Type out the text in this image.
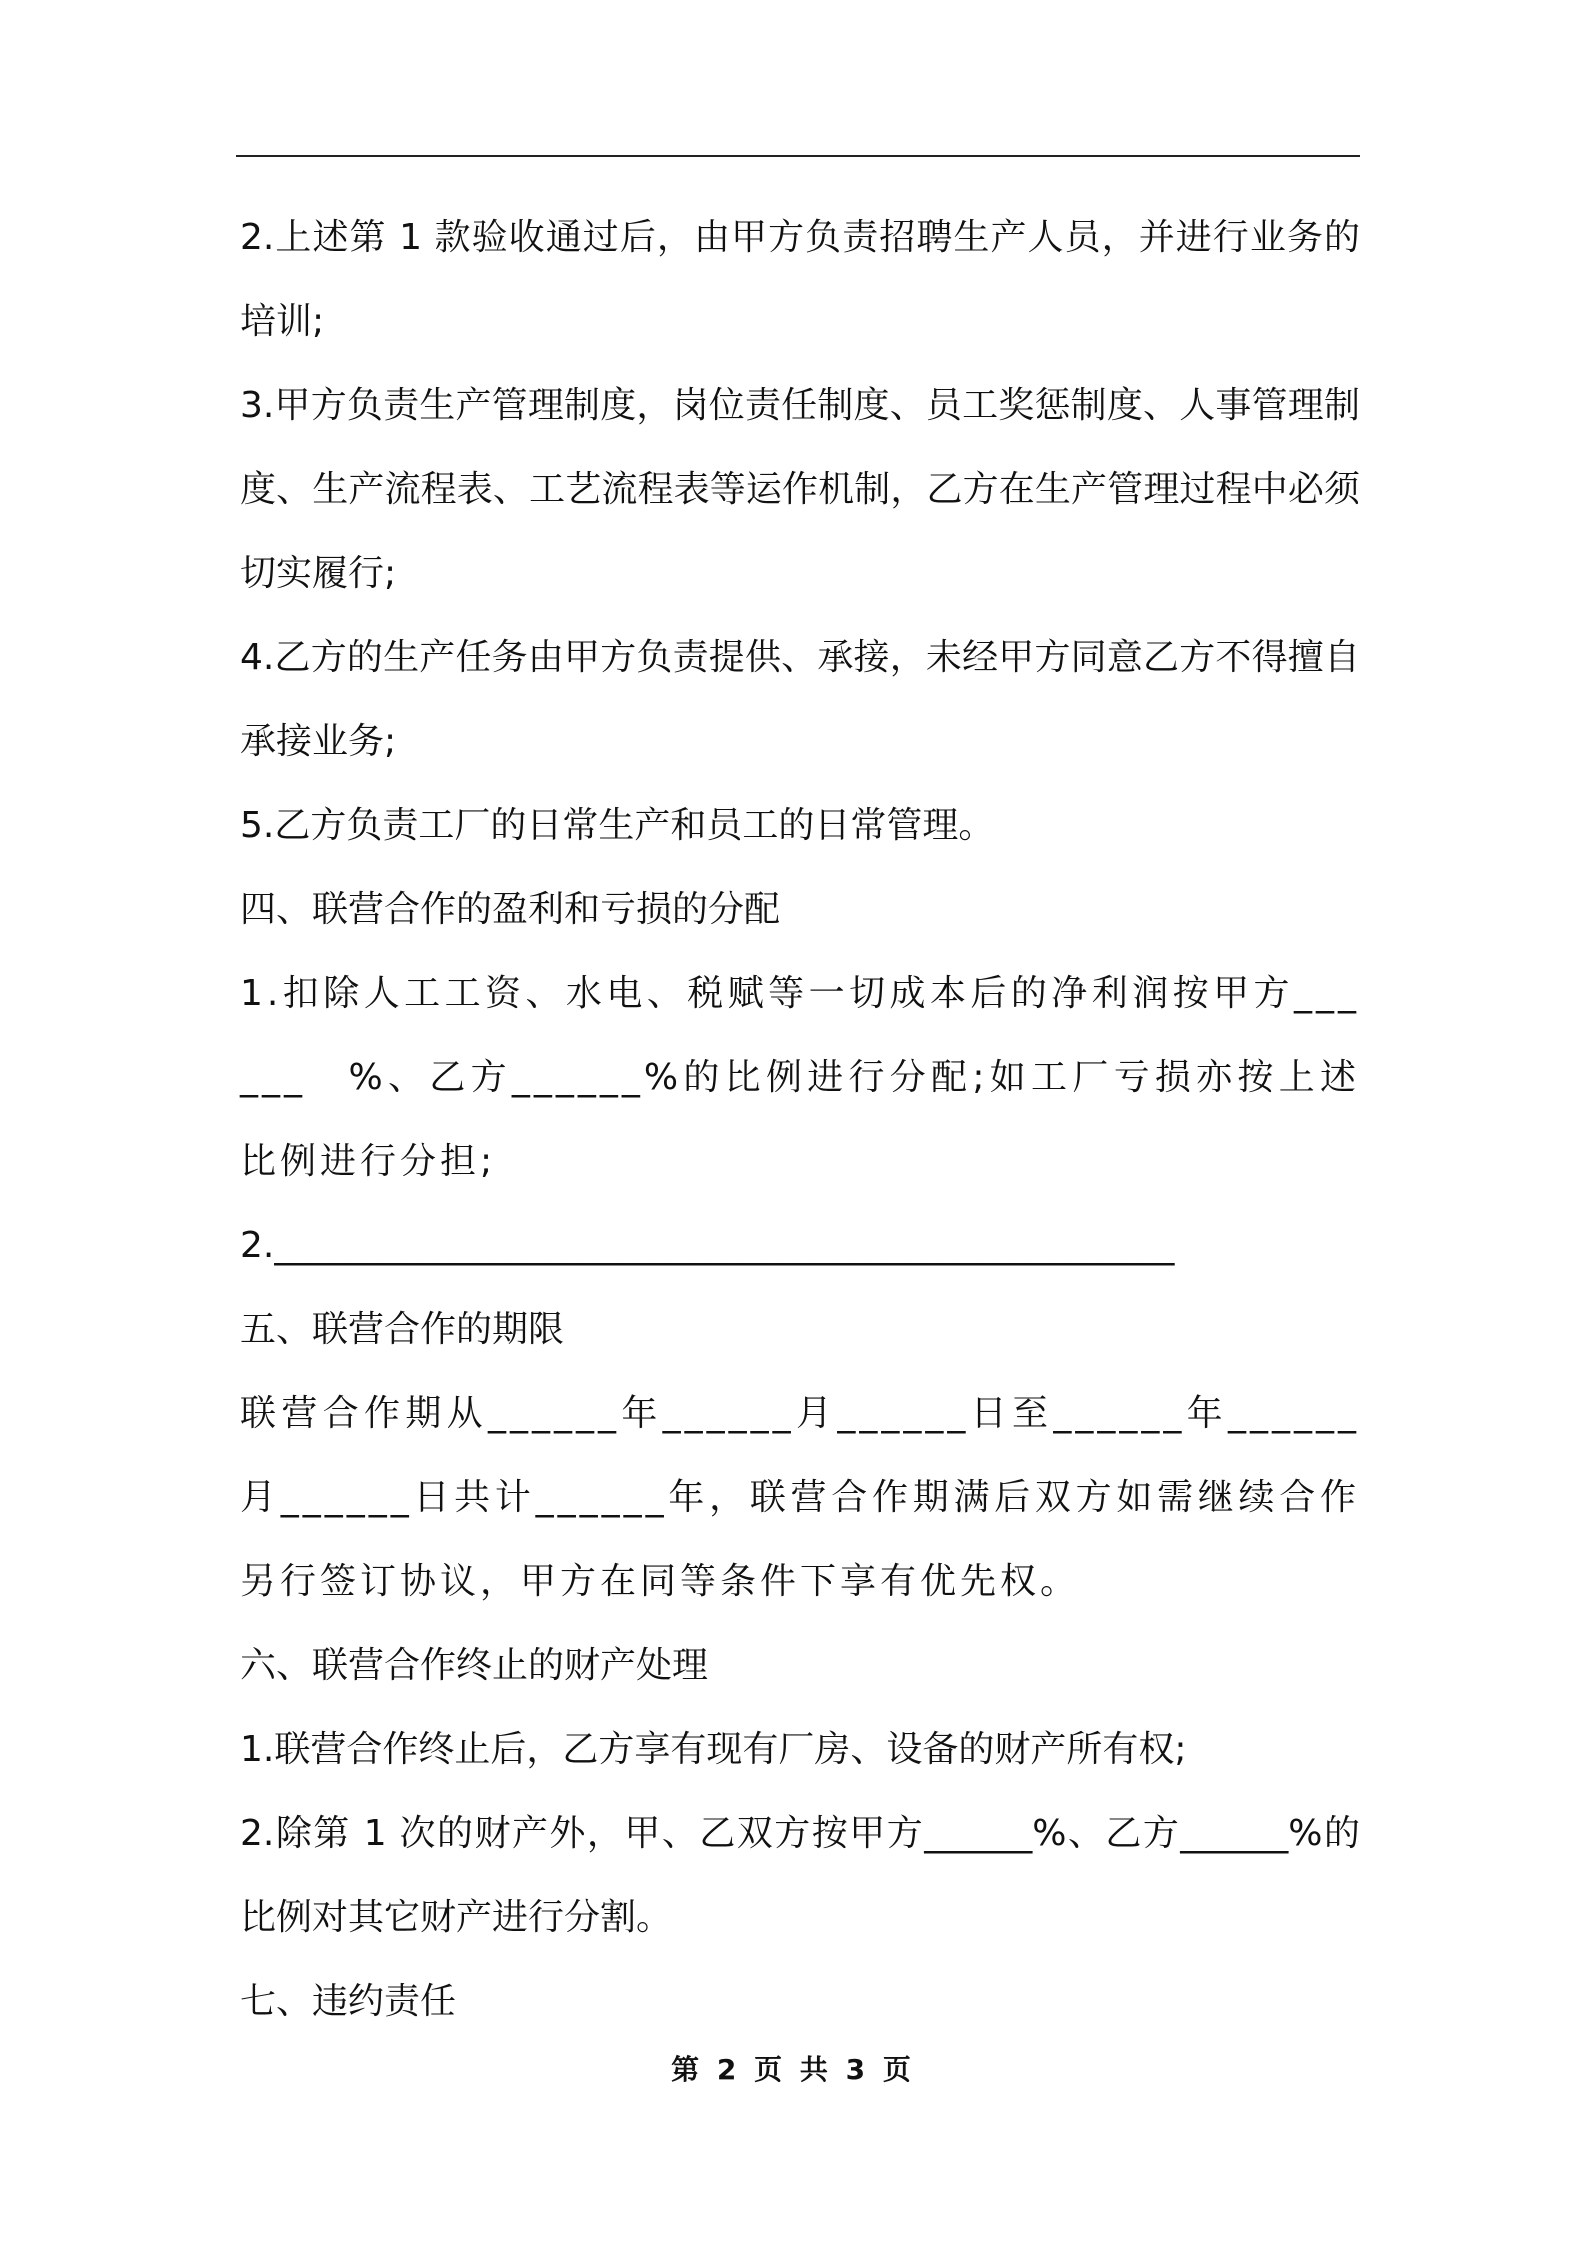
2.上述第 1 款验收通过后，由甲方负责招聘生产人员，并进行业务的培训;

3.甲方负责生产管理制度，岗位责任制度、员工奖惩制度、人事管理制度、生产流程表、工艺流程表等运作机制，乙方在生产管理过程中必须切实履行;

4.乙方的生产任务由甲方负责提供、承接，未经甲方同意乙方不得擅自承接业务;

5.乙方负责工厂的日常生产和员工的日常管理。

四、联营合作的盈利和亏损的分配

1.扣除人工工资、水电、税赋等一切成本后的净利润按甲方______　%、乙方______%的比例进行分配;如工厂亏损亦按上述比例进行分担;

2.__________________________________________________

五、联营合作的期限

联营合作期从______年______月______日至______年______月______日共计______年，联营合作期满后双方如需继续合作另行签订协议，甲方在同等条件下享有优先权。

六、联营合作终止的财产处理

1.联营合作终止后，乙方享有现有厂房、设备的财产所有权;

2.除第 1 次的财产外，甲、乙双方按甲方______%、乙方______%的比例对其它财产进行分割。

七、违约责任

第 2 页 共 3 页
